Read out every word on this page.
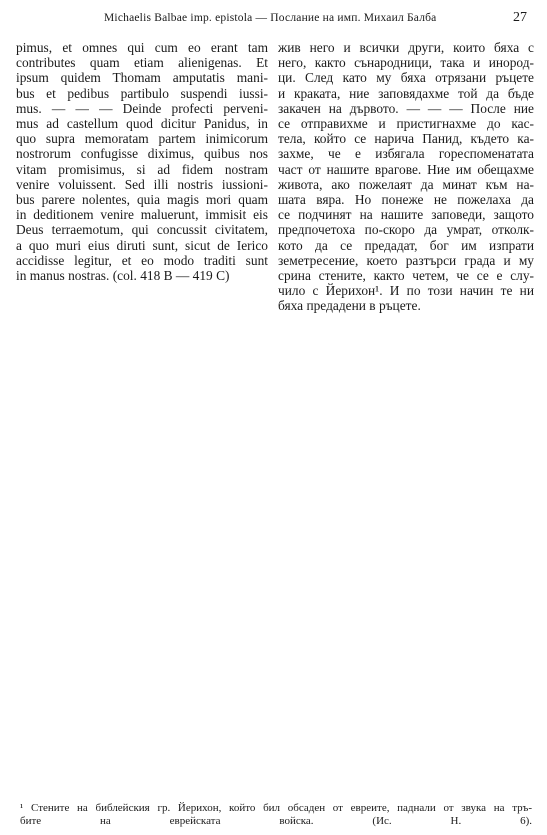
Michaelis Balbae imp. epistola — Послание на имп. Михаил Балба	27
pimus, et omnes qui cum eo erant tam
contributes quam etiam alienigenas. Et
ipsum quidem Thomam amputatis mani-
bus et pedibus partibulo suspendi iussi-
mus. — — — Deinde profecti perveni-
mus ad castellum quod dicitur Panidus, in
quo supra memoratam partem inimicorum
nostrorum confugisse diximus, quibus nos
vitam promisimus, si ad fidem nostram
venire voluissent. Sed illi nostris iussioni-
bus parere nolentes, quia magis mori quam
in deditionem venire maluerunt, immisit eis
Deus terraemotum, qui concussit civitatem,
a quo muri eius diruti sunt, sicut de Ierico
accidisse legitur, et eo modo traditi sunt
in manus nostras. (col. 418 B — 419 C)
жив него и всички други, които бяха с
него, както сънародници, така и инород-
ци. След като му бяха отрязани ръцете
и краката, ние заповядахме той да бъде
закачен на дървото. — — — После ние
се отправихме и пристигнахме до кас-
тела, който се нарича Панид, където ка-
захме, че е избягала гореспоменатата
част от нашите врагове. Ние им обещахме
живота, ако пожелаят да минат към на-
шата вяра. Но понеже не пожелаха да
се подчинят на нашите заповеди, защото
предпочетоха по-скоро да умрат, отколк-
кото да се предадат, бог им изпрати
земетресение, което разтърси града и му
срина стените, както четем, че се е слу-
чило с Йерихон¹. И по този начин те ни
бяха предадени в ръцете.
¹ Стените на библейския гр. Йерихон, който бил обсаден от евреите, паднали от звука на тръ-
бите на еврейската войска. (Ис. Н. 6).
